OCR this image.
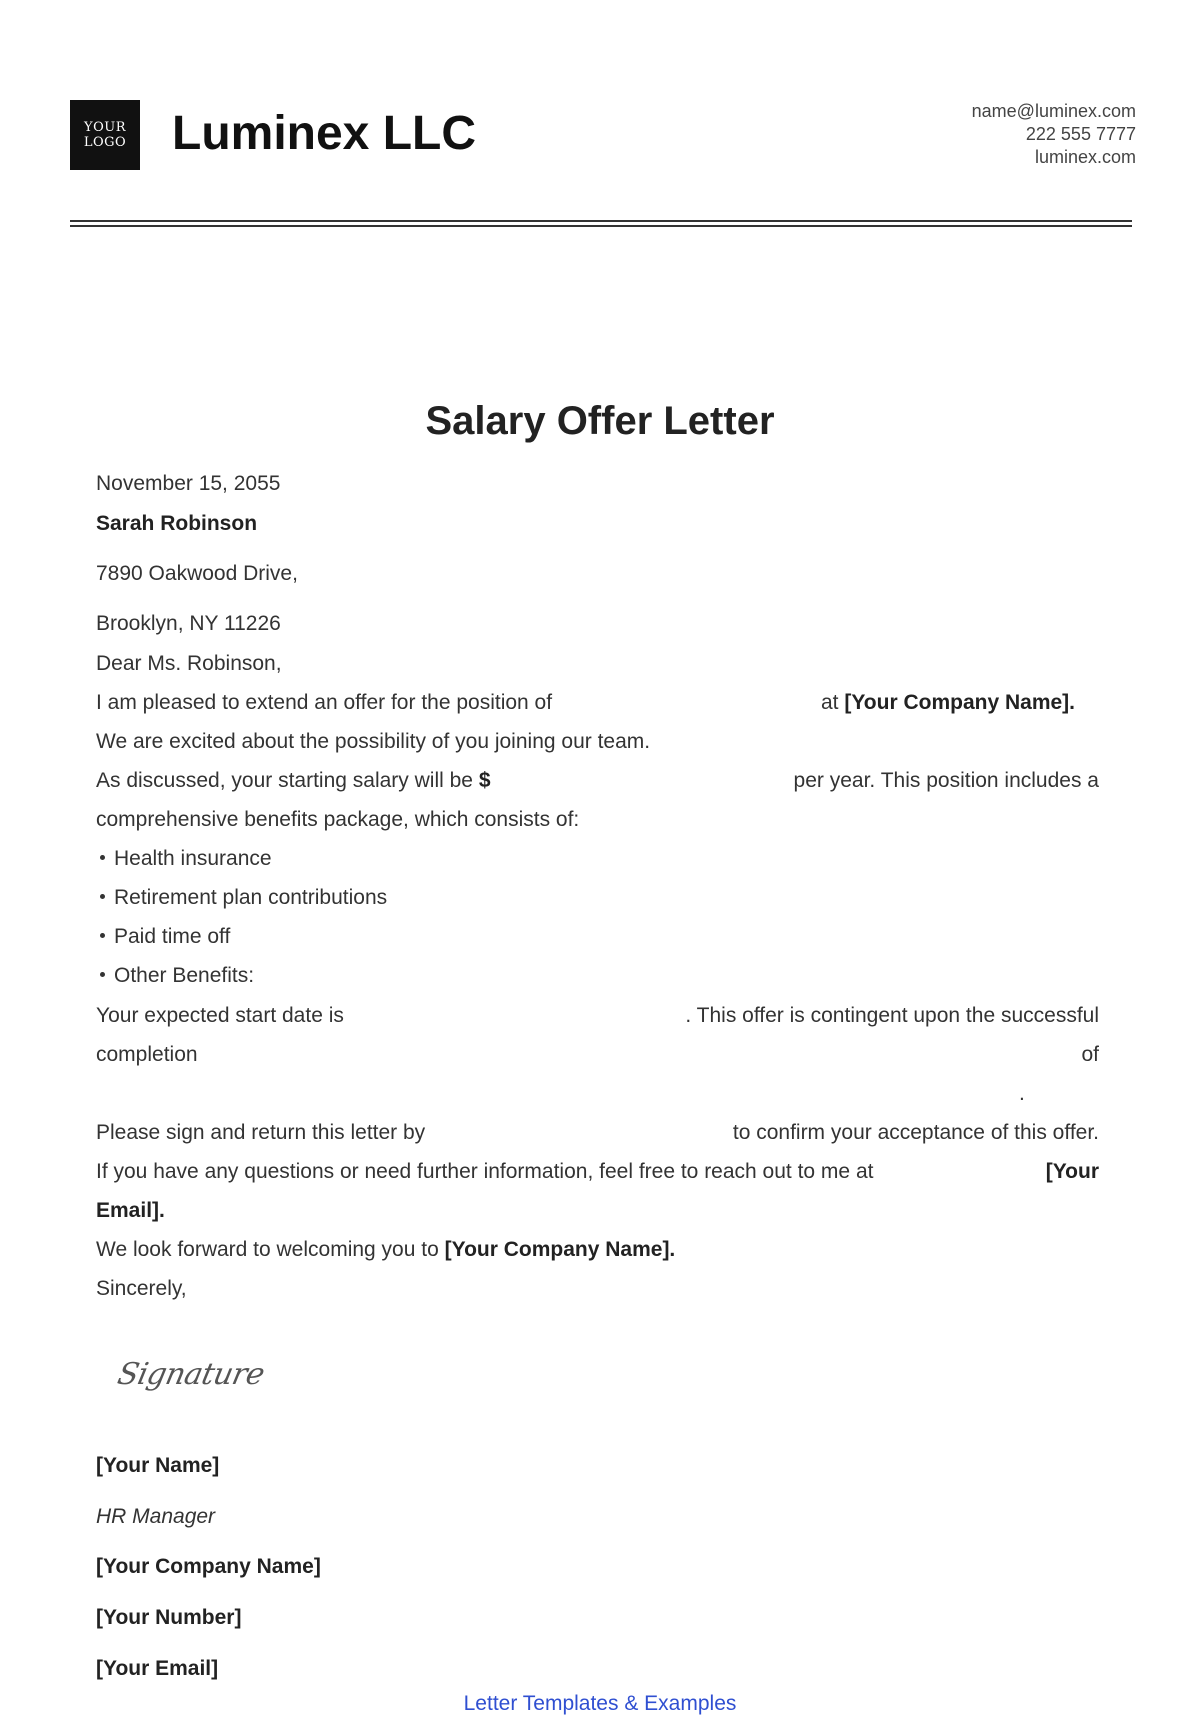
YOUR
LOGO Luminex LLC	name@luminex.com
222 555 7777
luminex.com
Salary Offer Letter
November 15, 2055
Sarah Robinson
7890 Oakwood Drive,
Brooklyn, NY 11226
Dear Ms. Robinson,
I am pleased to extend an offer for the position of	at [Your Company Name].
We are excited about the possibility of you joining our team.
As discussed, your starting salary will be $	per year. This position includes a
comprehensive benefits package, which consists of:
Health insurance
Retirement plan contributions
Paid time off
Other Benefits:
Your expected start date is	. This offer is contingent upon the successful
completion	of
.
Please sign and return this letter by	to confirm your acceptance of this offer.
If you have any questions or need further information, feel free to reach out to me at	[Your
Email].
We look forward to welcoming you to [Your Company Name].
Sincerely,
Signature
[Your Name]
HR Manager
[Your Company Name]
[Your Number]
[Your Email]
Letter Templates & Examples
